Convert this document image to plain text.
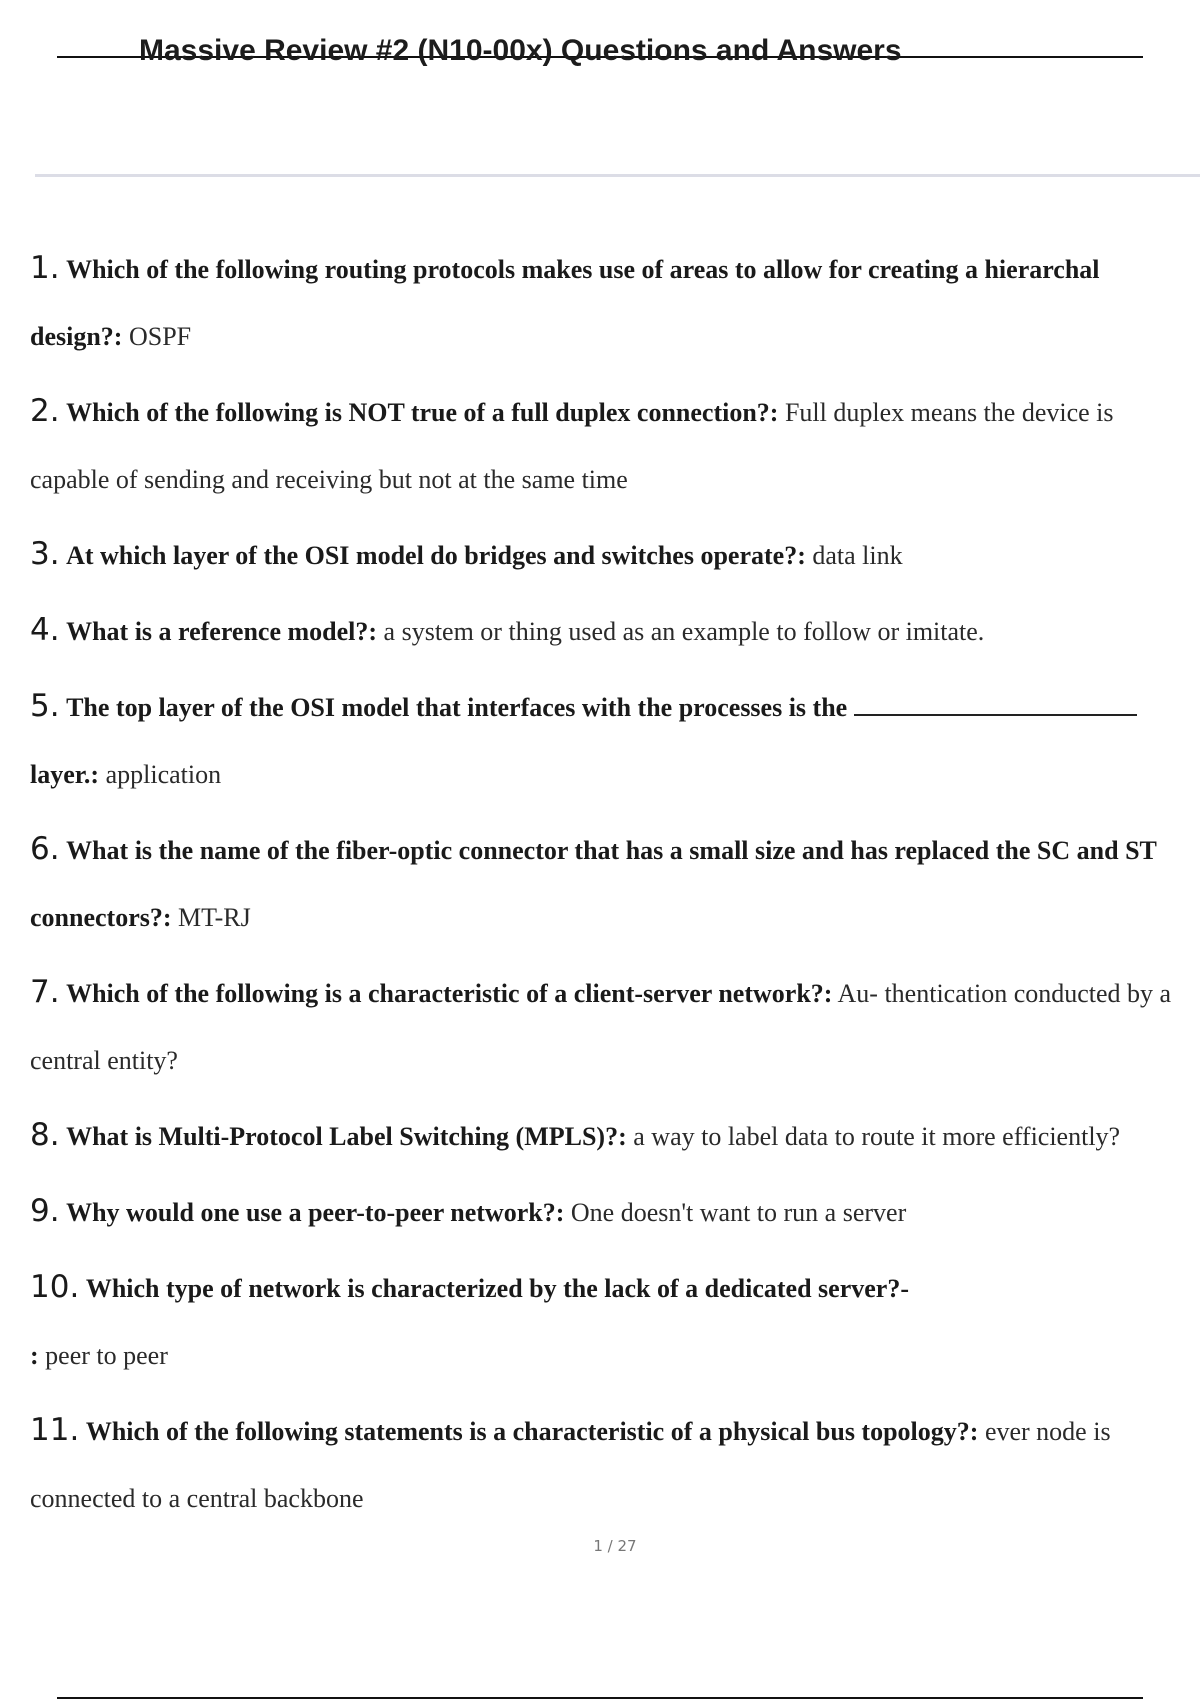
Massive Review #2 (N10-00x) Questions and Answers
1. Which of the following routing protocols makes use of areas to allow for creating a hierarchal design?: OSPF
2. Which of the following is NOT true of a full duplex connection?: Full duplex means the device is capable of sending and receiving but not at the same time
3. At which layer of the OSI model do bridges and switches operate?: data link
4. What is a reference model?: a system or thing used as an example to follow or imitate.
5. The top layer of the OSI model that interfaces with the processes is the  layer.: application
6. What is the name of the fiber-optic connector that has a small size and has replaced the SC and ST connectors?: MT-RJ
7. Which of the following is a characteristic of a client-server network?: Au- thentication conducted by a central entity?
8. What is Multi-Protocol Label Switching (MPLS)?: a way to label data to route it more efficiently?
9. Why would one use a peer-to-peer network?: One doesn't want to run a server
10. Which type of network is characterized by the lack of a dedicated server?-
: peer to peer
11. Which of the following statements is a characteristic of a physical bus topology?: ever node is connected to a central backbone
1 / 27
